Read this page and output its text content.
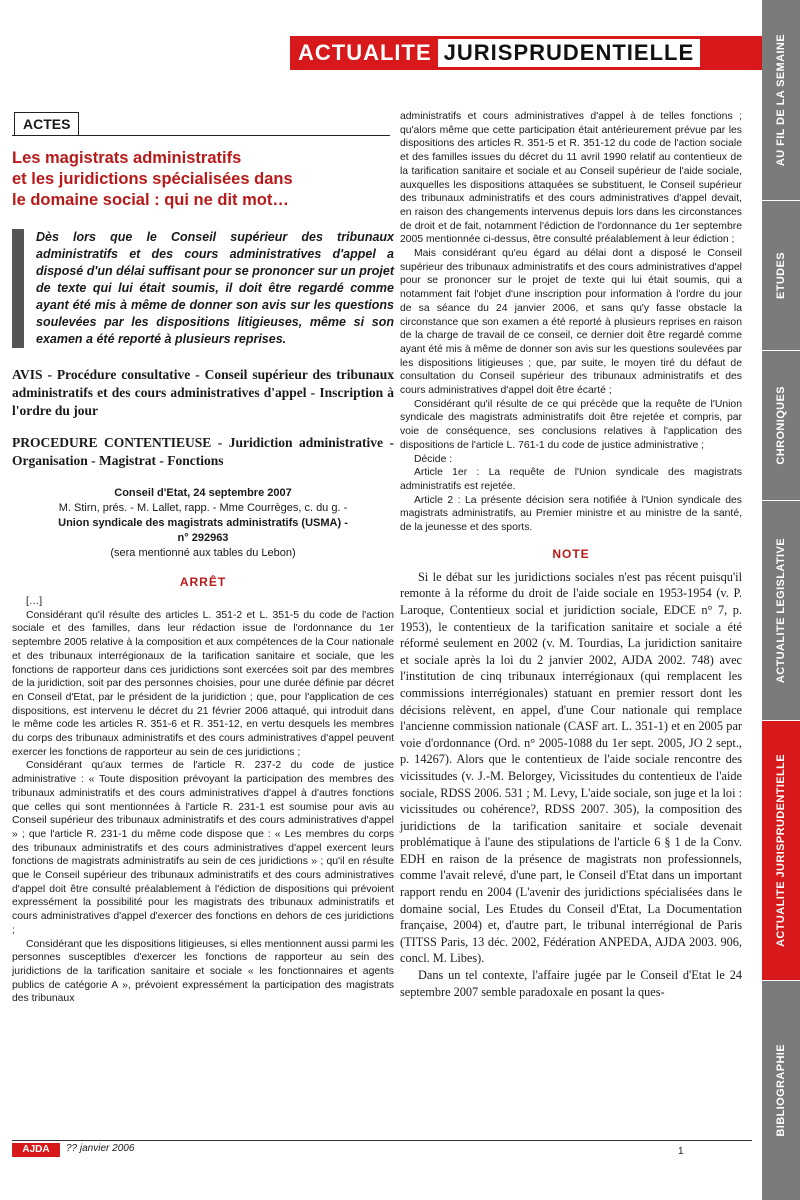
AU FIL DE LA SEMAINE
ETUDES
CHRONIQUES
ACTUALITE LEGISLATIVE
ACTUALITE JURISPRUDENTIELLE
BIBLIOGRAPHIE
ACTUALITE JURISPRUDENTIELLE
ACTES
Les magistrats administratifs
et les juridictions spécialisées dans
le domaine social : qui ne dit mot…

Dès lors que le Conseil supérieur des tribunaux administratifs et des cours administratives d'appel a disposé d'un délai suffisant pour se prononcer sur un projet de texte qui lui était soumis, il doit être regardé comme ayant été mis à même de donner son avis sur les questions soulevées par les dispositions litigieuses, même si son examen a été reporté à plusieurs reprises.

AVIS - Procédure consultative - Conseil supérieur des tribunaux administratifs et des cours administratives d'appel - Inscription à l'ordre du jour

PROCEDURE CONTENTIEUSE - Juridiction administrative - Organisation - Magistrat - Fonctions

Conseil d'Etat, 24 septembre 2007
M. Stirn, prés. - M. Lallet, rapp. - Mme Courrèges, c. du g. -
Union syndicale des magistrats administratifs (USMA) -
n° 292963
(sera mentionné aux tables du Lebon)
ARRÊT

[…]

Considérant qu'il résulte des articles L. 351-2 et L. 351-5 du code de l'action sociale et des familles, dans leur rédaction issue de l'ordonnance du 1er septembre 2005 relative à la composition et aux compétences de la Cour nationale et des tribunaux interrégionaux de la tarification sanitaire et sociale, que les fonctions de rapporteur dans ces juridictions sont exercées soit par des membres de la juridiction, soit par des personnes choisies, pour une durée définie par décret en Conseil d'Etat, par le président de la juridiction ; que, pour l'application de ces dispositions, est intervenu le décret du 21 février 2006 attaqué, qui introduit dans le même code les articles R. 351-6 et R. 351-12, en vertu desquels les membres du corps des tribunaux administratifs et des cours administratives d'appel peuvent exercer les fonctions de rapporteur au sein de ces juridictions ;

Considérant qu'aux termes de l'article R. 237-2 du code de justice administrative : « Toute disposition prévoyant la participation des membres des tribunaux administratifs et des cours administratives d'appel à d'autres fonctions que celles qui sont mentionnées à l'article R. 231-1 est soumise pour avis au Conseil supérieur des tribunaux administratifs et des cours administratives d'appel » ; que l'article R. 231-1 du même code dispose que : « Les membres du corps des tribunaux administratifs et des cours administratives d'appel exercent leurs fonctions de magistrats administratifs au sein de ces juridictions » ; qu'il en résulte que le Conseil supérieur des tribunaux administratifs et des cours administratives d'appel doit être consulté préalablement à l'édiction de dispositions qui prévoient expressément la possibilité pour les magistrats des tribunaux administratifs et cours administratives d'appel d'exercer des fonctions en dehors de ces juridictions ;

Considérant que les dispositions litigieuses, si elles mentionnent aussi parmi les personnes susceptibles d'exercer les fonctions de rapporteur au sein des juridictions de la tarification sanitaire et sociale « les fonctionnaires et agents publics de catégorie A », prévoient expressément la participation des magistrats des tribunaux

administratifs et cours administratives d'appel à de telles fonctions ; qu'alors même que cette participation était antérieurement prévue par les dispositions des articles R. 351-5 et R. 351-12 du code de l'action sociale et des familles issues du décret du 11 avril 1990 relatif au contentieux de la tarification sanitaire et sociale et au Conseil supérieur de l'aide sociale, auxquelles les dispositions attaquées se substituent, le Conseil supérieur des tribunaux administratifs et des cours administratives d'appel devait, en raison des changements intervenus depuis lors dans les circonstances de droit et de fait, notamment l'édiction de l'ordonnance du 1er septembre 2005 mentionnée ci-dessus, être consulté préalablement à leur édiction ;

Mais considérant qu'eu égard au délai dont a disposé le Conseil supérieur des tribunaux administratifs et des cours administratives d'appel pour se prononcer sur le projet de texte qui lui était soumis, qui a notamment fait l'objet d'une inscription pour information à l'ordre du jour de sa séance du 24 janvier 2006, et sans qu'y fasse obstacle la circonstance que son examen a été reporté à plusieurs reprises en raison de la charge de travail de ce conseil, ce dernier doit être regardé comme ayant été mis à même de donner son avis sur les questions soulevées par les dispositions litigieuses ; que, par suite, le moyen tiré du défaut de consultation du Conseil supérieur des tribunaux administratifs et des cours administratives d'appel doit être écarté ;

Considérant qu'il résulte de ce qui précède que la requête de l'Union syndicale des magistrats administratifs doit être rejetée et compris, par voie de conséquence, ses conclusions relatives à l'application des dispositions de l'article L. 761-1 du code de justice administrative ;

Décide :

Article 1er : La requête de l'Union syndicale des magistrats administratifs est rejetée.

Article 2 : La présente décision sera notifiée à l'Union syndicale des magistrats administratifs, au Premier ministre et au ministre de la santé, de la jeunesse et des sports.

NOTE

Si le débat sur les juridictions sociales n'est pas récent puisqu'il remonte à la réforme du droit de l'aide sociale en 1953-1954 (v. P. Laroque, Contentieux social et juridiction sociale, EDCE n° 7, p. 1953), le contentieux de la tarification sanitaire et sociale a été réformé seulement en 2002 (v. M. Tourdias, La juridiction sanitaire et sociale après la loi du 2 janvier 2002, AJDA 2002. 748) avec l'institution de cinq tribunaux interrégionaux (qui remplacent les commissions interrégionales) statuant en premier ressort dont les décisions relèvent, en appel, d'une Cour nationale qui remplace l'ancienne commission nationale (CASF art. L. 351-1) et en 2005 par voie d'ordonnance (Ord. n° 2005-1088 du 1er sept. 2005, JO 2 sept., p. 14267). Alors que le contentieux de l'aide sociale rencontre des vicissitudes (v. J.-M. Belorgey, Vicissitudes du contentieux de l'aide sociale, RDSS 2006. 531 ; M. Levy, L'aide sociale, son juge et la loi : vicissitudes ou cohérence?, RDSS 2007. 305), la composition des juridictions de la tarification sanitaire et sociale devenait problématique à l'aune des stipulations de l'article 6 § 1 de la Conv. EDH en raison de la présence de magistrats non professionnels, comme l'avait relevé, d'une part, le Conseil d'Etat dans un important rapport rendu en 2004 (L'avenir des juridictions spécialisées dans le domaine social, Les Etudes du Conseil d'Etat, La Documentation française, 2004) et, d'autre part, le tribunal interrégional de Paris (TITSS Paris, 13 déc. 2002, Fédération ANPEDA, AJDA 2003. 906, concl. M. Libes).

Dans un tel contexte, l'affaire jugée par le Conseil d'Etat le 24 septembre 2007 semble paradoxale en posant la ques-

AJDA	?? janvier 2006	1
